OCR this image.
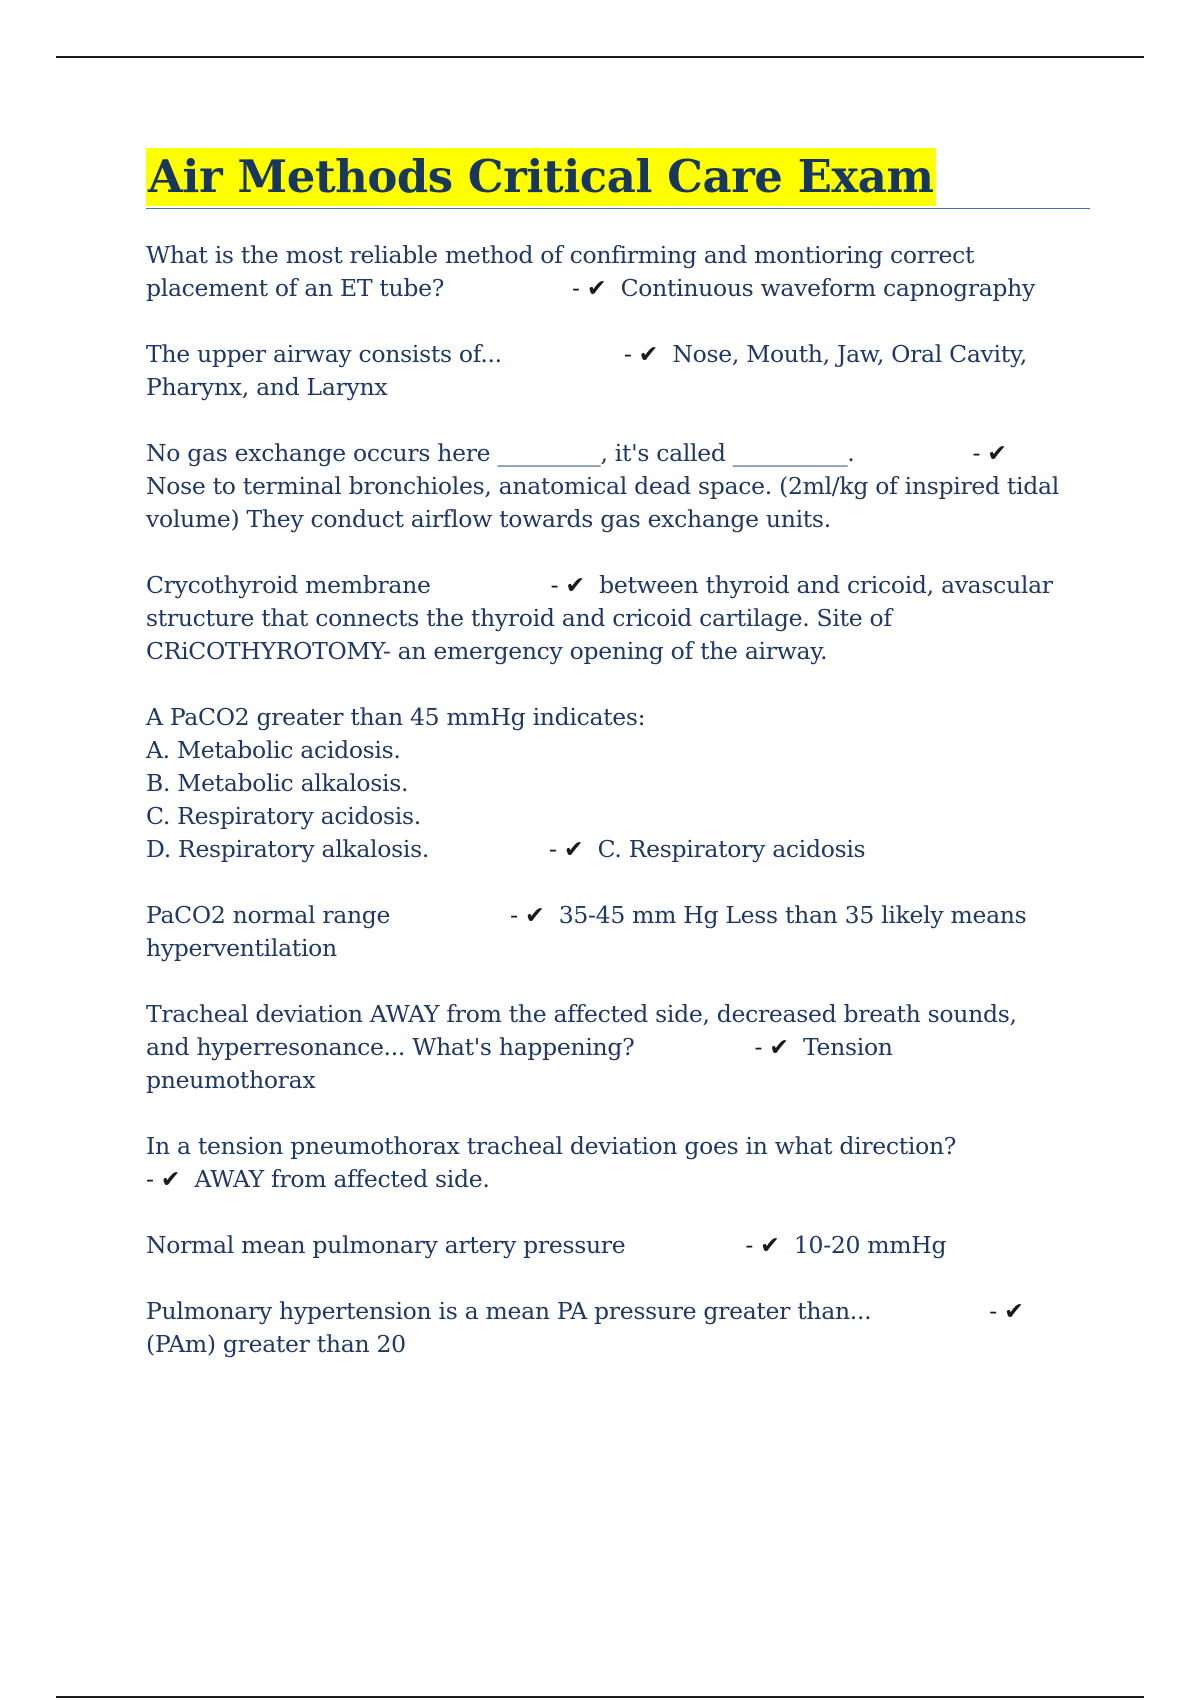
Air Methods Critical Care Exam
What is the most reliable method of confirming and montioring correct
placement of an ET tube?	- ✔ Continuous waveform capnography
The upper airway consists of...	- ✔ Nose, Mouth, Jaw, Oral Cavity,
Pharynx, and Larynx
No gas exchange occurs here _________, it's called __________.	- ✔
Nose to terminal bronchioles, anatomical dead space. (2ml/kg of inspired tidal
volume) They conduct airflow towards gas exchange units.
Crycothyroid membrane	- ✔ between thyroid and cricoid, avascular
structure that connects the thyroid and cricoid cartilage. Site of
CRiCOTHYROTOMY- an emergency opening of the airway.
A PaCO2 greater than 45 mmHg indicates:
A. Metabolic acidosis.
B. Metabolic alkalosis.
C. Respiratory acidosis.
D. Respiratory alkalosis.	- ✔ C. Respiratory acidosis
PaCO2 normal range	- ✔ 35-45 mm Hg Less than 35 likely means
hyperventilation
Tracheal deviation AWAY from the affected side, decreased breath sounds,
and hyperresonance... What's happening?	- ✔ Tension
pneumothorax
In a tension pneumothorax tracheal deviation goes in what direction?
- ✔ AWAY from affected side.
Normal mean pulmonary artery pressure	- ✔ 10-20 mmHg
Pulmonary hypertension is a mean PA pressure greater than...	- ✔
(PAm) greater than 20
